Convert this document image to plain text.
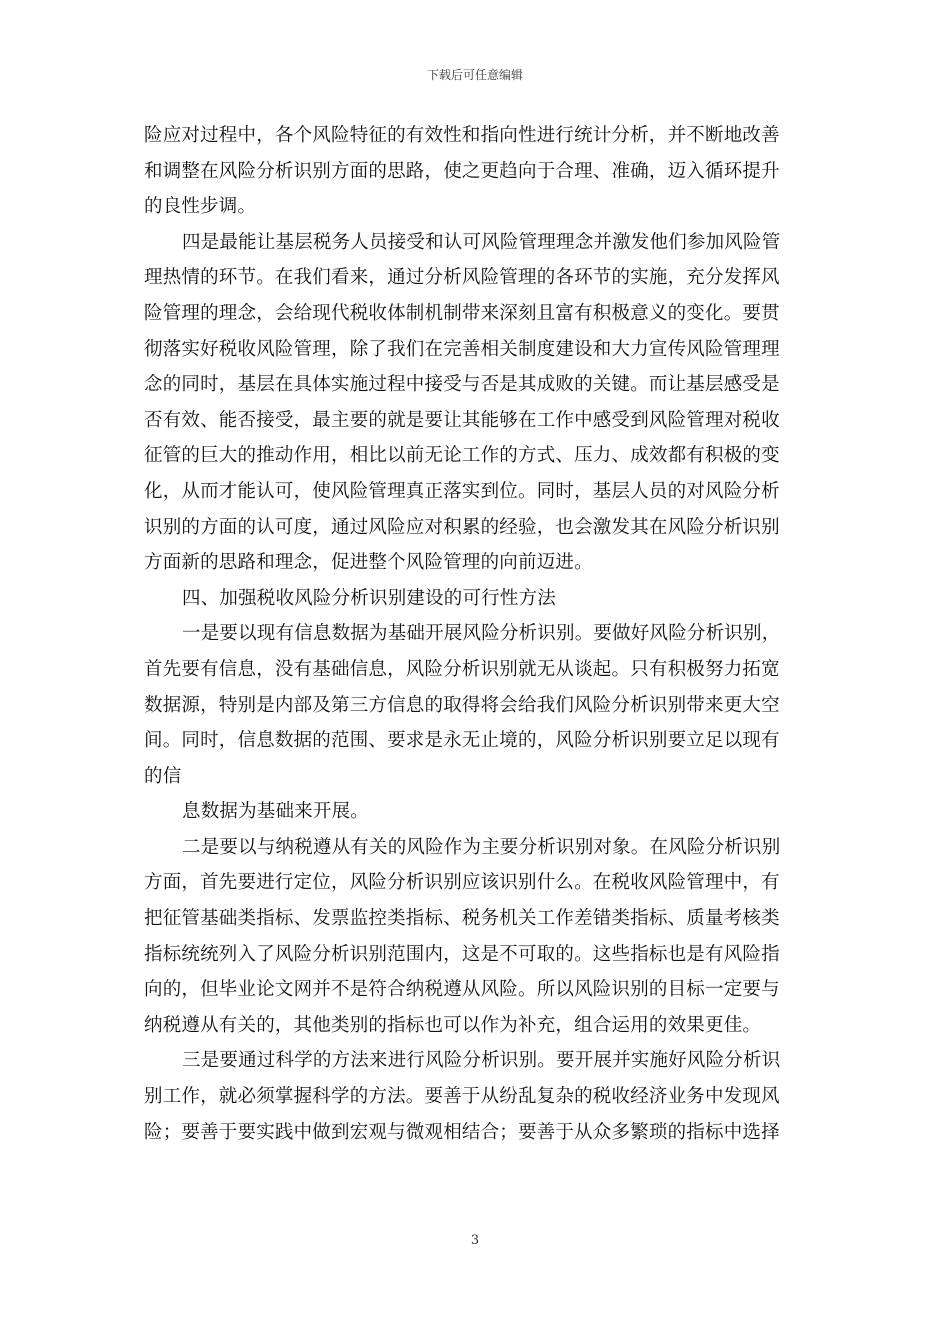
下载后可任意编辑
险应对过程中，各个风险特征的有效性和指向性进行统计分析，并不断地改善
和调整在风险分析识别方面的思路，使之更趋向于合理、准确，迈入循环提升
的良性步调。
四是最能让基层税务人员接受和认可风险管理理念并激发他们参加风险管
理热情的环节。在我们看来，通过分析风险管理的各环节的实施，充分发挥风
险管理的理念，会给现代税收体制机制带来深刻且富有积极意义的变化。要贯
彻落实好税收风险管理，除了我们在完善相关制度建设和大力宣传风险管理理
念的同时，基层在具体实施过程中接受与否是其成败的关键。而让基层感受是
否有效、能否接受，最主要的就是要让其能够在工作中感受到风险管理对税收
征管的巨大的推动作用，相比以前无论工作的方式、压力、成效都有积极的变
化，从而才能认可，使风险管理真正落实到位。同时，基层人员的对风险分析
识别的方面的认可度，通过风险应对积累的经验，也会激发其在风险分析识别
方面新的思路和理念，促进整个风险管理的向前迈进。
四、加强税收风险分析识别建设的可行性方法
一是要以现有信息数据为基础开展风险分析识别。要做好风险分析识别，
首先要有信息，没有基础信息，风险分析识别就无从谈起。只有积极努力拓宽
数据源，特别是内部及第三方信息的取得将会给我们风险分析识别带来更大空
间。同时，信息数据的范围、要求是永无止境的，风险分析识别要立足以现有
的信
息数据为基础来开展。
二是要以与纳税遵从有关的风险作为主要分析识别对象。在风险分析识别
方面，首先要进行定位，风险分析识别应该识别什么。在税收风险管理中，有
把征管基础类指标、发票监控类指标、税务机关工作差错类指标、质量考核类
指标统统列入了风险分析识别范围内，这是不可取的。这些指标也是有风险指
向的，但毕业论文网并不是符合纳税遵从风险。所以风险识别的目标一定要与
纳税遵从有关的，其他类别的指标也可以作为补充，组合运用的效果更佳。
三是要通过科学的方法来进行风险分析识别。要开展并实施好风险分析识
别工作，就必须掌握科学的方法。要善于从纷乱复杂的税收经济业务中发现风
险；要善于要实践中做到宏观与微观相结合；要善于从众多繁琐的指标中选择
3
